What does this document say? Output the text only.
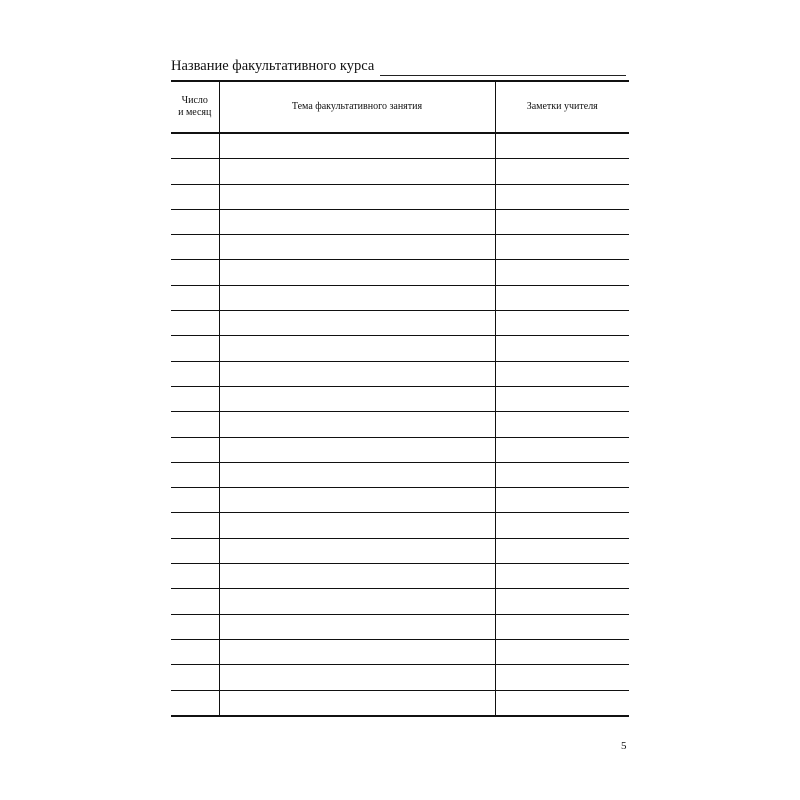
Название факультативного курса
Число
и месяц	Тема факультативного занятия	Заметки учителя

5
